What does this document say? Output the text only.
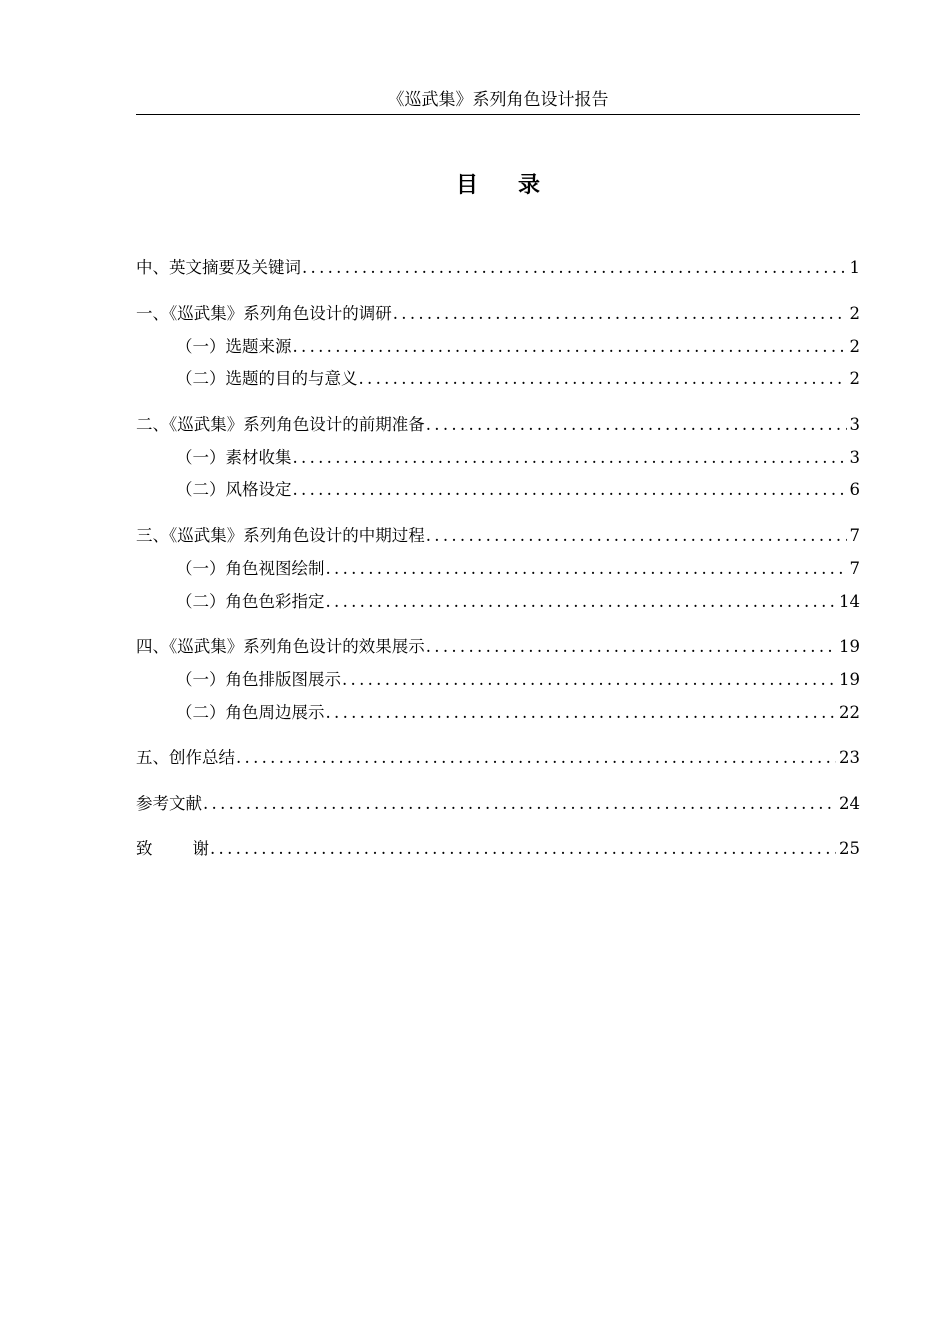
《巡武集》系列角色设计报告
目录
中、英文摘要及关键词 .....	1
一、《巡武集》系列角色设计的调研 .....	2
（一）选题来源 .....	2
（二）选题的目的与意义 .....	2
二、《巡武集》系列角色设计的前期准备 .....	3
（一）素材收集 .....	3
（二）风格设定 .....	6
三、《巡武集》系列角色设计的中期过程 .....	7
（一）角色视图绘制 .....	7
（二）角色色彩指定 .....	14
四、《巡武集》系列角色设计的效果展示 .....	19
（一）角色排版图展示 .....	19
（二）角色周边展示 .....	22
五、创作总结 .....	23
参考文献 .....	24
致 谢 .....	25
